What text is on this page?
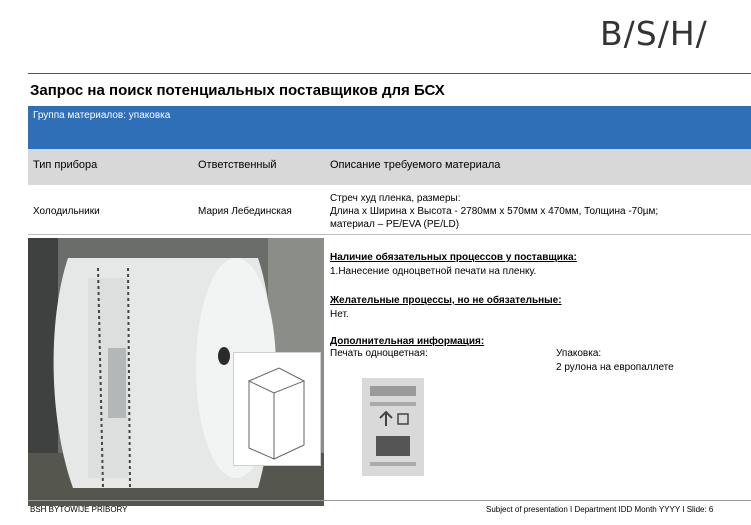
B/S/H/
Запрос на поиск потенциальных поставщиков для БСХ
Группа материалов: упаковка
Тип прибора	Ответственный	Описание требуемого материала
Холодильники	Мария Лебединская
Стреч худ пленка, размеры:
Длина х Ширина х Высота - 2780мм х 570мм х 470мм, Толщина -70µм;
материал – PE/EVA (PE/LD)
Наличие обязательных процессов у поставщика:
1.Нанесение одноцветной печати на пленку.
Желательные процессы, но не обязательные:
Нет.
Дополнительная информация:
Печать одноцветная:	Упаковка:
2 рулона на европаллете
BSH BYTOWIJE PRIBORY	Subject of presentation I Department IDD Month YYYY I Slide: 6
